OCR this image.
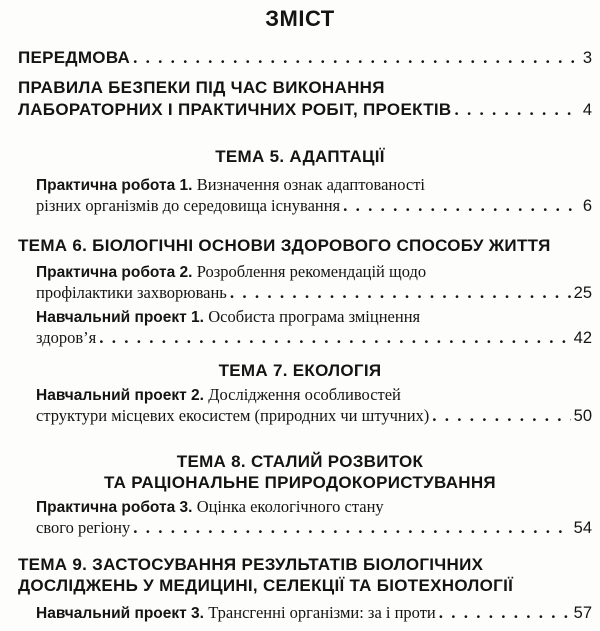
ЗМІСТ
ПЕРЕДМОВА . . .	3
ПРАВИЛА БЕЗПЕКИ ПІД ЧАС ВИКОНАННЯ
ЛАБОРАТОРНИХ І ПРАКТИЧНИХ РОБІТ, ПРОЕКТІВ . . .	4
ТЕМА 5. АДАПТАЦІЇ
Практична робота 1.
Визначення ознак адаптованості
різних організмів до середовища існування . . .	6
ТЕМА 6. БІОЛОГІЧНІ ОСНОВИ ЗДОРОВОГО СПОСОБУ ЖИТТЯ
Практична робота 2.
Розроблення рекомендацій щодо
профілактики захворювань . . .	25
Навчальний проект 1.
Особиста програма зміцнення
здоров’я . . .	42
ТЕМА 7. ЕКОЛОГІЯ
Навчальний проект 2.
Дослідження особливостей
структури місцевих екосистем (природних чи штучних) . . .	50
ТЕМА 8. СТАЛИЙ РОЗВИТОК
ТА РАЦІОНАЛЬНЕ ПРИРОДОКОРИСТУВАННЯ
Практична робота 3.
Оцінка екологічного стану
свого регіону . . .	54
ТЕМА 9. ЗАСТОСУВАННЯ РЕЗУЛЬТАТІВ БІОЛОГІЧНИХ
ДОСЛІДЖЕНЬ У МЕДИЦИНІ, СЕЛЕКЦІЇ ТА БІОТЕХНОЛОГІЇ
Навчальний проект 3.
Трансгенні організми: за і проти . . .	57
